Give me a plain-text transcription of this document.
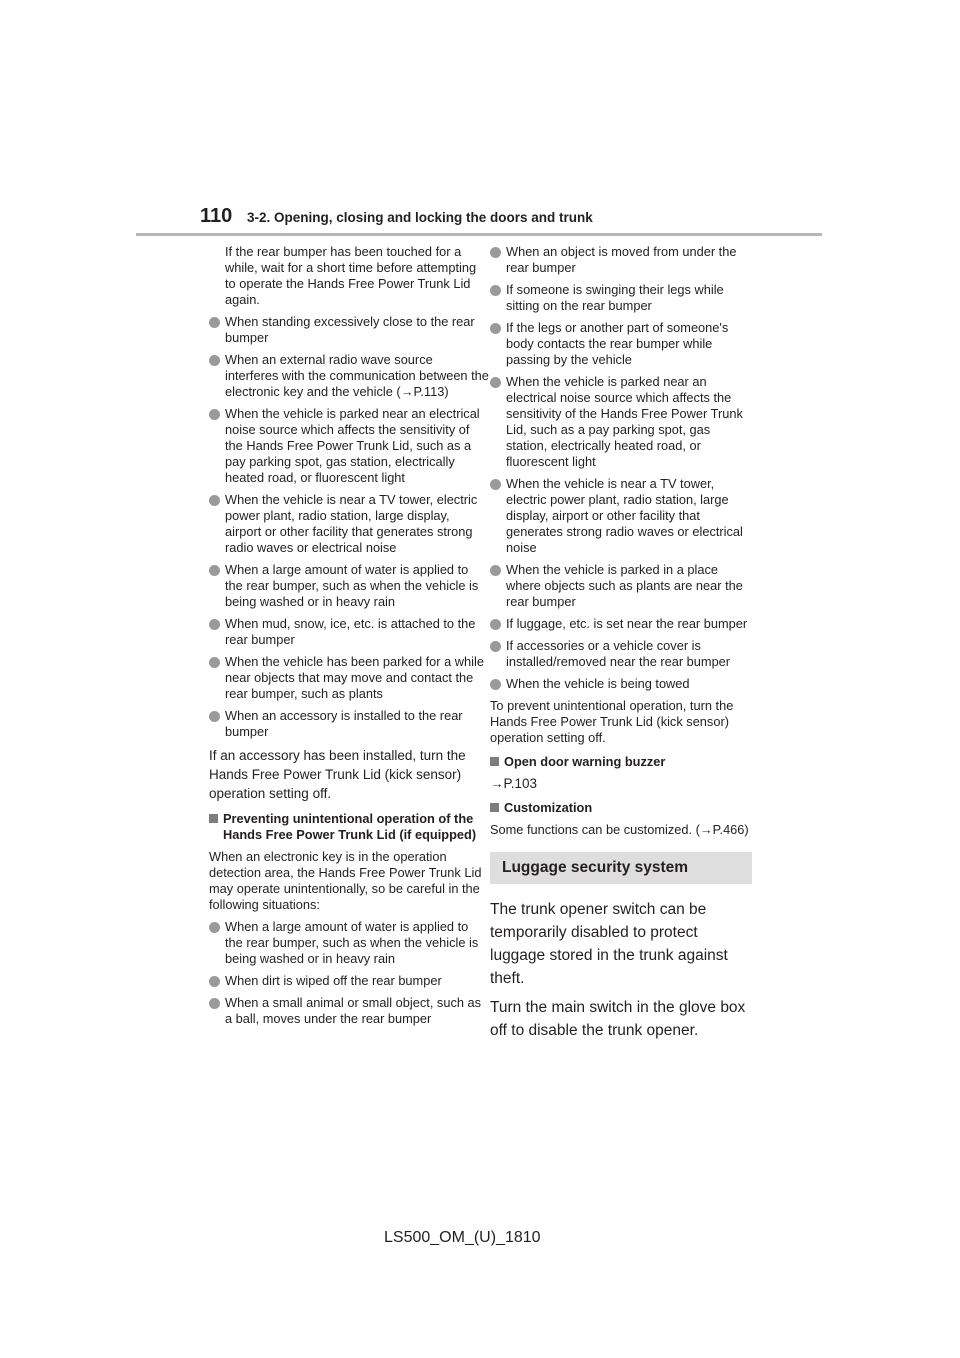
110 3-2. Opening, closing and locking the doors and trunk

If the rear bumper has been touched for a while, wait for a short time before attempting to operate the Hands Free Power Trunk Lid again.

When standing excessively close to the rear bumper
When an external radio wave source interferes with the communication between the electronic key and the vehicle (→P.113)
When the vehicle is parked near an electrical noise source which affects the sensitivity of the Hands Free Power Trunk Lid, such as a pay parking spot, gas station, electrically heated road, or fluorescent light
When the vehicle is near a TV tower, electric power plant, radio station, large display, airport or other facility that generates strong radio waves or electrical noise
When a large amount of water is applied to the rear bumper, such as when the vehicle is being washed or in heavy rain
When mud, snow, ice, etc. is attached to the rear bumper
When the vehicle has been parked for a while near objects that may move and contact the rear bumper, such as plants
When an accessory is installed to the rear bumper

If an accessory has been installed, turn the Hands Free Power Trunk Lid (kick sensor) operation setting off.

Preventing unintentional operation of the Hands Free Power Trunk Lid (if equipped)

When an electronic key is in the operation detection area, the Hands Free Power Trunk Lid may operate unintentionally, so be careful in the following situations:

When a large amount of water is applied to the rear bumper, such as when the vehicle is being washed or in heavy rain
When dirt is wiped off the rear bumper
When a small animal or small object, such as a ball, moves under the rear bumper
When an object is moved from under the rear bumper
If someone is swinging their legs while sitting on the rear bumper
If the legs or another part of someone's body contacts the rear bumper while passing by the vehicle
When the vehicle is parked near an electrical noise source which affects the sensitivity of the Hands Free Power Trunk Lid, such as a pay parking spot, gas station, electrically heated road, or fluorescent light
When the vehicle is near a TV tower, electric power plant, radio station, large display, airport or other facility that generates strong radio waves or electrical noise
When the vehicle is parked in a place where objects such as plants are near the rear bumper
If luggage, etc. is set near the rear bumper
If accessories or a vehicle cover is installed/removed near the rear bumper
When the vehicle is being towed

To prevent unintentional operation, turn the Hands Free Power Trunk Lid (kick sensor) operation setting off.

Open door warning buzzer

→P.103

Customization

Some functions can be customized. (→P.466)

Luggage security system

The trunk opener switch can be temporarily disabled to protect luggage stored in the trunk against theft.

Turn the main switch in the glove box off to disable the trunk opener.

LS500_OM_(U)_1810
